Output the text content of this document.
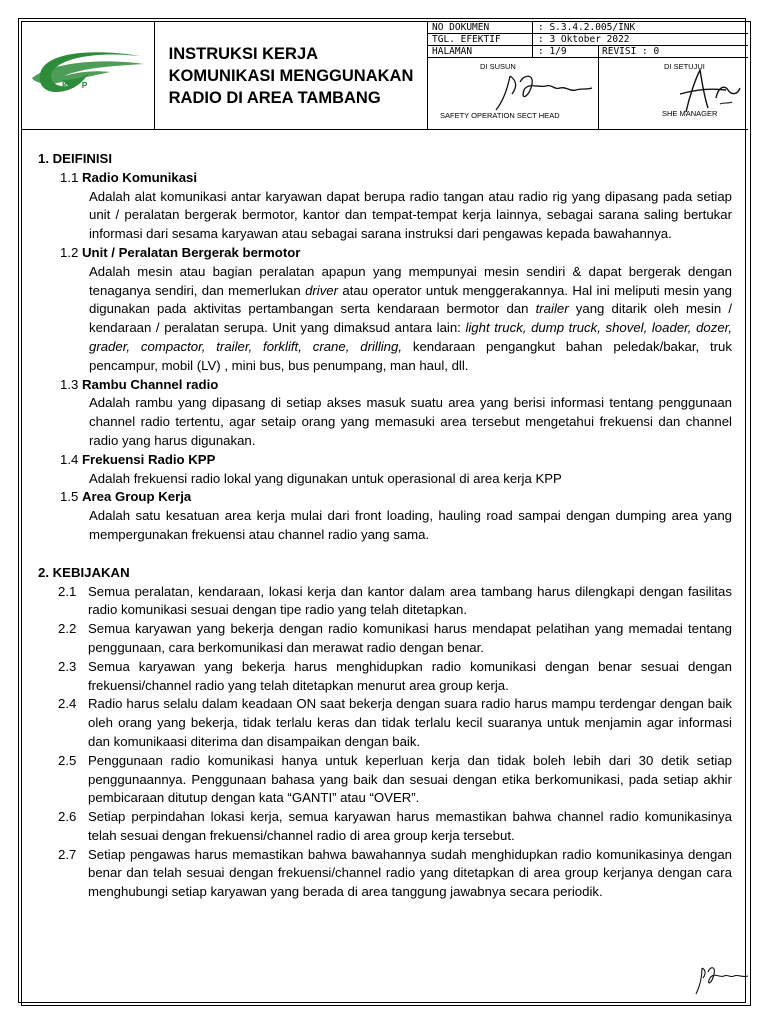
KPP
INSTRUKSI KERJA
KOMUNIKASI MENGGUNAKAN
RADIO DI AREA TAMBANG
NO DOKUMEN	: S.3.4.2.005/INK
TGL. EFEKTIF	: 3 Oktober 2022
HALAMAN	: 1/9	REVISI : 0
DI SUSUN	DI SETUJUI
SAFETY OPERATION SECT HEAD	SHE MANAGER
1. DEIFINISI
1.1 Radio Komunikasi
Adalah alat komunikasi antar karyawan dapat berupa radio tangan atau radio rig yang dipasang pada setiap unit / peralatan bergerak bermotor, kantor dan tempat-tempat kerja lainnya, sebagai sarana saling bertukar informasi dari sesama karyawan atau sebagai sarana instruksi dari pengawas kepada bawahannya.
1.2 Unit / Peralatan Bergerak bermotor
Adalah mesin atau bagian peralatan apapun yang mempunyai mesin sendiri & dapat bergerak dengan tenaganya sendiri, dan memerlukan driver atau operator untuk menggerakannya. Hal ini meliputi mesin yang digunakan pada aktivitas pertambangan serta kendaraan bermotor dan trailer yang ditarik oleh mesin / kendaraan / peralatan serupa. Unit yang dimaksud antara lain: light truck, dump truck, shovel, loader, dozer, grader, compactor, trailer, forklift, crane, drilling, kendaraan pengangkut bahan peledak/bakar, truk pencampur, mobil (LV) , mini bus, bus penumpang, man haul, dll.
1.3 Rambu Channel radio
Adalah rambu yang dipasang di setiap akses masuk suatu area yang berisi informasi tentang penggunaan channel radio tertentu, agar setaip orang yang memasuki area tersebut mengetahui frekuensi dan channel radio yang harus digunakan.
1.4 Frekuensi Radio KPP
Adalah frekuensi radio lokal yang digunakan untuk operasional di area kerja KPP
1.5 Area Group Kerja
Adalah satu kesatuan area kerja mulai dari front loading, hauling road sampai dengan dumping area yang mempergunakan frekuensi atau channel radio yang sama.
2. KEBIJAKAN
2.1 Semua peralatan, kendaraan, lokasi kerja dan kantor dalam area tambang harus dilengkapi dengan fasilitas radio komunikasi sesuai dengan tipe radio yang telah ditetapkan.
2.2 Semua karyawan yang bekerja dengan radio komunikasi harus mendapat pelatihan yang memadai tentang penggunaan, cara berkomunikasi dan merawat radio dengan benar.
2.3 Semua karyawan yang bekerja harus menghidupkan radio komunikasi dengan benar sesuai dengan frekuensi/channel radio yang telah ditetapkan menurut area group kerja.
2.4 Radio harus selalu dalam keadaan ON saat bekerja dengan suara radio harus mampu terdengar dengan baik oleh orang yang bekerja, tidak terlalu keras dan tidak terlalu kecil suaranya untuk menjamin agar informasi dan komunikaasi diterima dan disampaikan dengan baik.
2.5 Penggunaan radio komunikasi hanya untuk keperluan kerja dan tidak boleh lebih dari 30 detik setiap penggunaannya. Penggunaan bahasa yang baik dan sesuai dengan etika berkomunikasi, pada setiap akhir pembicaraan ditutup dengan kata “GANTI” atau “OVER”.
2.6 Setiap perpindahan lokasi kerja, semua karyawan harus memastikan bahwa channel radio komunikasinya telah sesuai dengan frekuensi/channel radio di area group kerja tersebut.
2.7 Setiap pengawas harus memastikan bahwa bawahannya sudah menghidupkan radio komunikasinya dengan benar dan telah sesuai dengan frekuensi/channel radio yang ditetapkan di area group kerjanya dengan cara menghubungi setiap karyawan yang berada di area tanggung jawabnya secara periodik.
